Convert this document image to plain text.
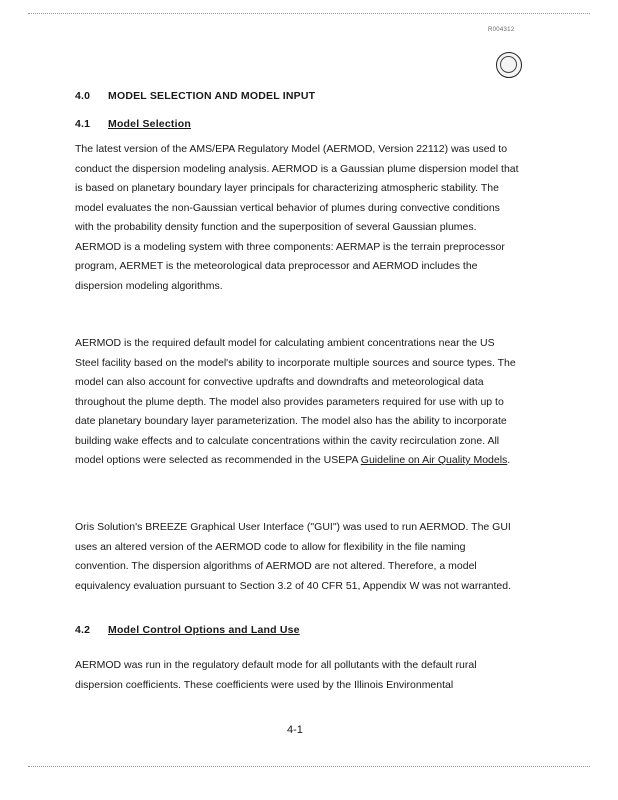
R004312
4.0 MODEL SELECTION AND MODEL INPUT
4.1 Model Selection

The latest version of the AMS/EPA Regulatory Model (AERMOD, Version 22112) was used to conduct the dispersion modeling analysis. AERMOD is a Gaussian plume dispersion model that is based on planetary boundary layer principals for characterizing atmospheric stability. The model evaluates the non-Gaussian vertical behavior of plumes during convective conditions with the probability density function and the superposition of several Gaussian plumes. AERMOD is a modeling system with three components: AERMAP is the terrain preprocessor program, AERMET is the meteorological data preprocessor and AERMOD includes the dispersion modeling algorithms.

AERMOD is the required default model for calculating ambient concentrations near the US Steel facility based on the model's ability to incorporate multiple sources and source types. The model can also account for convective updrafts and downdrafts and meteorological data throughout the plume depth. The model also provides parameters required for use with up to date planetary boundary layer parameterization. The model also has the ability to incorporate building wake effects and to calculate concentrations within the cavity recirculation zone. All model options were selected as recommended in the USEPA Guideline on Air Quality Models.

Oris Solution's BREEZE Graphical User Interface ("GUI") was used to run AERMOD. The GUI uses an altered version of the AERMOD code to allow for flexibility in the file naming convention. The dispersion algorithms of AERMOD are not altered. Therefore, a model equivalency evaluation pursuant to Section 3.2 of 40 CFR 51, Appendix W was not warranted.

4.2 Model Control Options and Land Use

AERMOD was run in the regulatory default mode for all pollutants with the default rural dispersion coefficients. These coefficients were used by the Illinois Environmental

4-1
